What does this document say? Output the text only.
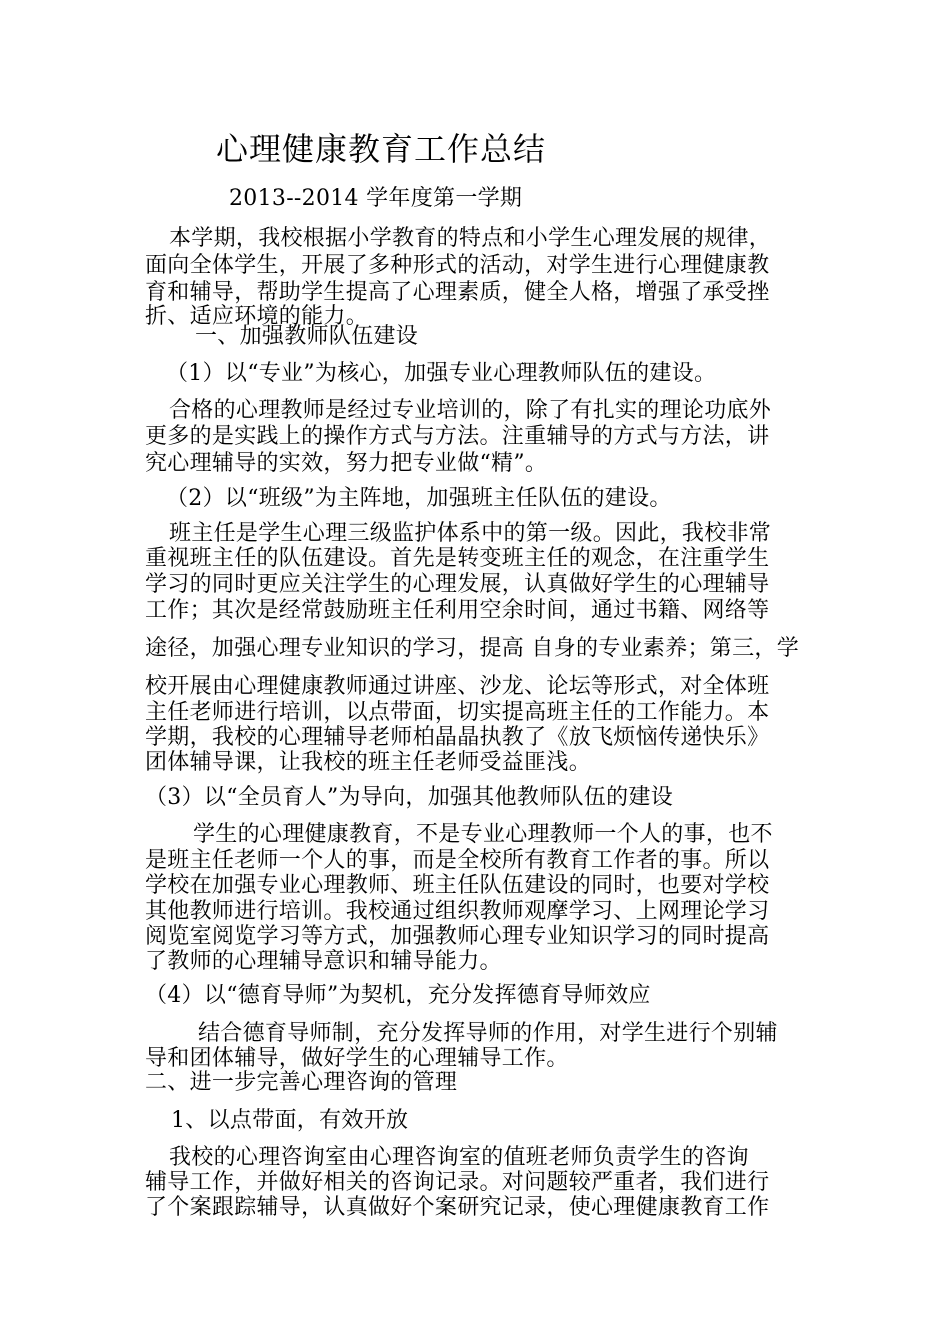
心理健康教育工作总结
2013--2014 学年度第一学期
本学期，我校根据小学教育的特点和小学生心理发展的规律，
面向全体学生，开展了多种形式的活动，对学生进行心理健康教
育和辅导，帮助学生提高了心理素质，健全人格，增强了承受挫
折、适应环境的能力。
一、加强教师队伍建设
（1）以“专业”为核心，加强专业心理教师队伍的建设。
合格的心理教师是经过专业培训的，除了有扎实的理论功底外
更多的是实践上的操作方式与方法。注重辅导的方式与方法，讲
究心理辅导的实效，努力把专业做“精”。
（2）以“班级”为主阵地，加强班主任队伍的建设。
班主任是学生心理三级监护体系中的第一级。因此，我校非常
重视班主任的队伍建设。首先是转变班主任的观念，在注重学生
学习的同时更应关注学生的心理发展，认真做好学生的心理辅导
工作；其次是经常鼓励班主任利用空余时间，通过书籍、网络等
途径，加强心理专业知识的学习，提高 自身的专业素养；第三，学
校开展由心理健康教师通过讲座、沙龙、论坛等形式，对全体班
主任老师进行培训，以点带面，切实提高班主任的工作能力。本
学期，我校的心理辅导老师柏晶晶执教了《放飞烦恼传递快乐》
团体辅导课，让我校的班主任老师受益匪浅。
（3）以“全员育人”为导向，加强其他教师队伍的建设
学生的心理健康教育，不是专业心理教师一个人的事，也不
是班主任老师一个人的事，而是全校所有教育工作者的事。所以
学校在加强专业心理教师、班主任队伍建设的同时，也要对学校
其他教师进行培训。我校通过组织教师观摩学习、上网理论学习
阅览室阅览学习等方式，加强教师心理专业知识学习的同时提高
了教师的心理辅导意识和辅导能力。
（4）以“德育导师”为契机，充分发挥德育导师效应
结合德育导师制，充分发挥导师的作用，对学生进行个别辅
导和团体辅导，做好学生的心理辅导工作。
二、进一步完善心理咨询的管理
1、以点带面，有效开放
我校的心理咨询室由心理咨询室的值班老师负责学生的咨询
辅导工作，并做好相关的咨询记录。对问题较严重者，我们进行
了个案跟踪辅导，认真做好个案研究记录，使心理健康教育工作
